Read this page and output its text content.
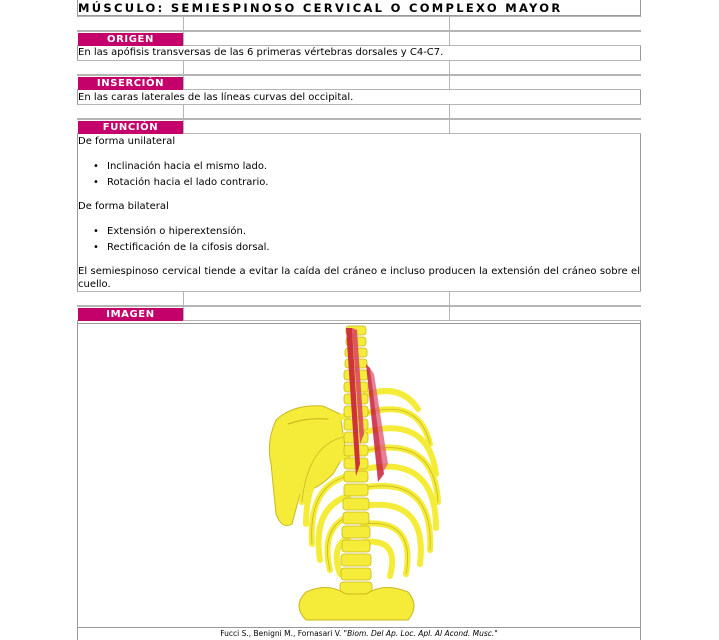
MÚSCULO: SEMIESPINOSO CERVICAL O COMPLEXO MAYOR
ORIGEN
En las apófisis transversas de las 6 primeras vértebras dorsales y C4-C7.
INSERCIÓN
En las caras laterales de las líneas curvas del occipital.
FUNCIÓN
De forma unilateral
• Inclinación hacia el mismo lado.
• Rotación hacia el lado contrario.
De forma bilateral
• Extensión o hiperextensión.
• Rectificación de la cifosis dorsal.
El semiespinoso cervical tiende a evitar la caída del cráneo e incluso producen la extensión del cráneo sobre el cuello.
IMAGEN
Fucci S., Benigni M., Fornasari V. "Biom. Del Ap. Loc. Apl. Al Acond. Musc."
